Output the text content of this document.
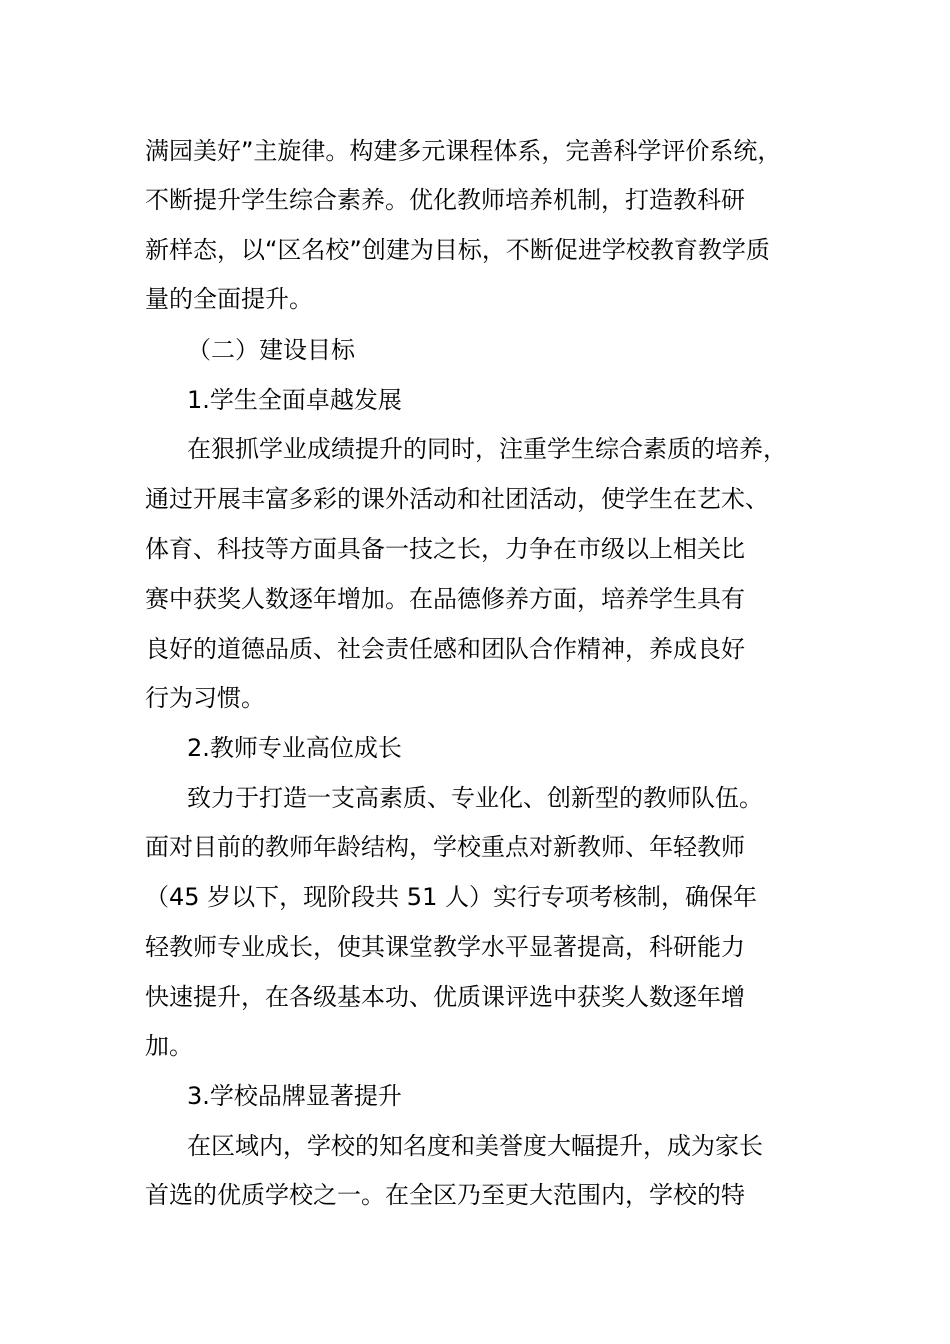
满园美好”主旋律。构建多元课程体系，完善科学评价系统，
不断提升学生综合素养。优化教师培养机制，打造教科研
新样态，以“区名校”创建为目标，不断促进学校教育教学质
量的全面提升。
（二）建设目标
1.学生全面卓越发展
在狠抓学业成绩提升的同时，注重学生综合素质的培养，
通过开展丰富多彩的课外活动和社团活动，使学生在艺术、
体育、科技等方面具备一技之长，力争在市级以上相关比
赛中获奖人数逐年增加。在品德修养方面，培养学生具有
良好的道德品质、社会责任感和团队合作精神，养成良好
行为习惯。
2.教师专业高位成长
致力于打造一支高素质、专业化、创新型的教师队伍。
面对目前的教师年龄结构，学校重点对新教师、年轻教师
（45 岁以下，现阶段共 51 人）实行专项考核制，确保年
轻教师专业成长，使其课堂教学水平显著提高，科研能力
快速提升，在各级基本功、优质课评选中获奖人数逐年增
加。
3.学校品牌显著提升
在区域内，学校的知名度和美誉度大幅提升，成为家长
首选的优质学校之一。在全区乃至更大范围内，学校的特
